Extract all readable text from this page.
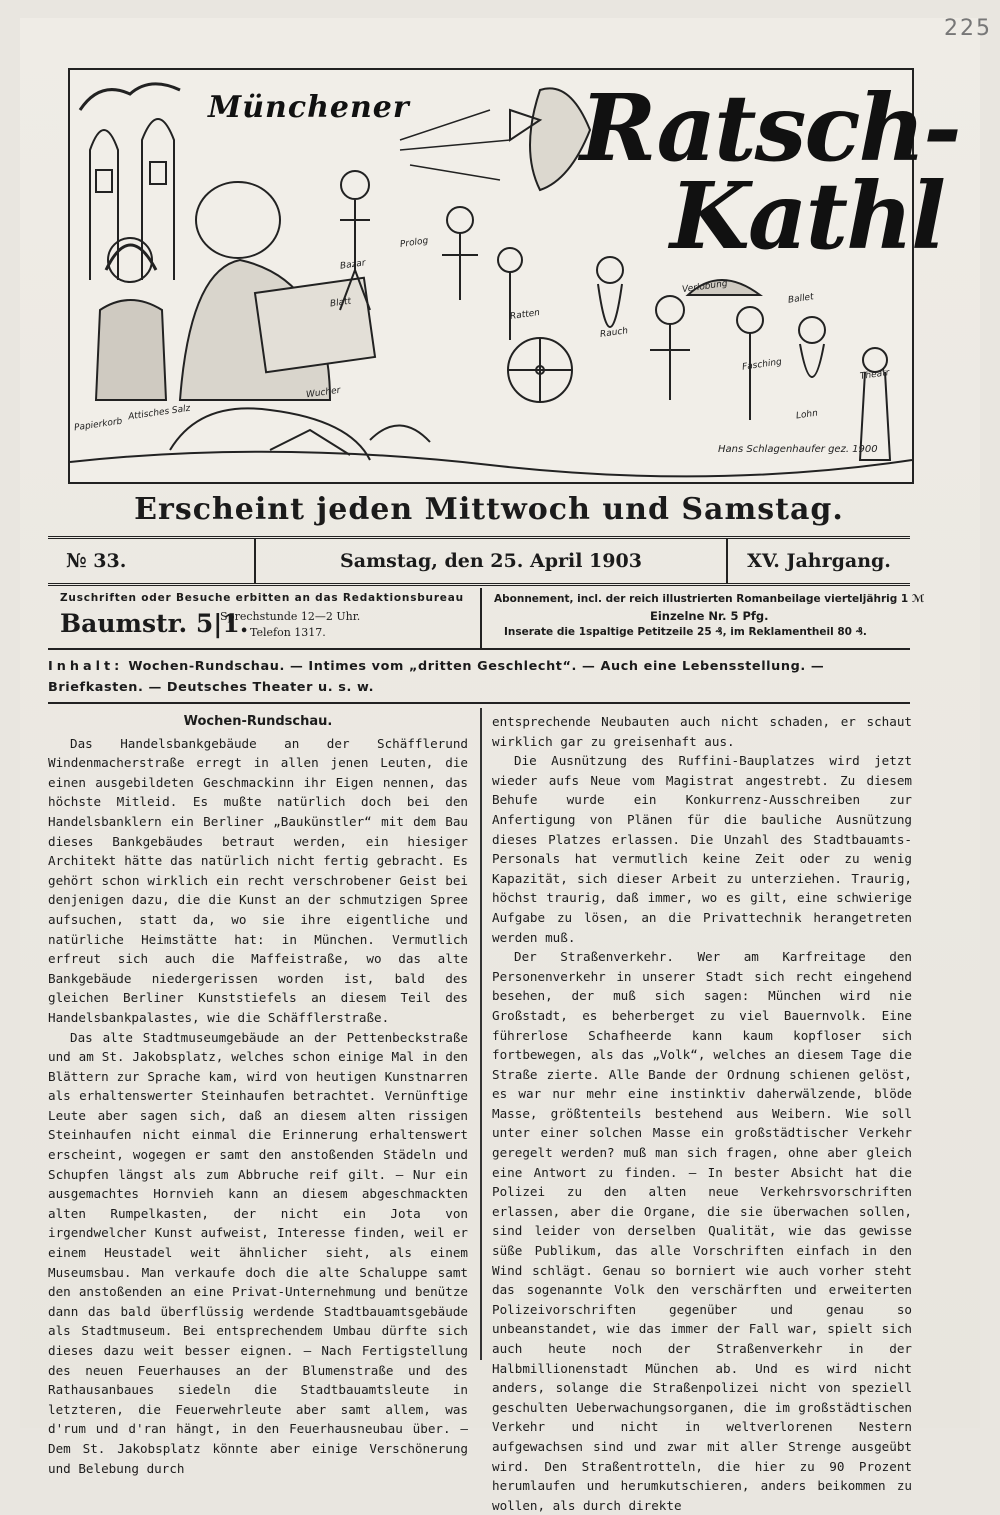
225
Münchener Ratsch-
Kathl
Attisches Salz
Papierkorb
Bazar
Prolog
Blatt
Wucher
Ratten
Rauch
Verlobung
Ballet
Fasching
Lohn
Theatr
Hans Schlagenhaufer gez. 1900
Erscheint jeden Mittwoch und Samstag.
№ 33.	Samstag, den 25. April 1903	XV. Jahrgang.
Zuschriften oder Besuche erbitten an das Redaktionsbureau
Baumstr. 5|1.
Sprechstunde 12—2 Uhr.
Telefon 1317.
Abonnement, incl. der reich illustrierten Romanbeilage vierteljährig 1 ℳ
Einzelne Nr. 5 Pfg.
Inserate die 1spaltige Petitzeile 25 ₰, im Reklamentheil 80 ₰.
Inhalt: Wochen-Rundschau. — Intimes vom „dritten Geschlecht“. — Auch eine Lebensstellung. — Briefkasten. — Deutsches Theater u. s. w.
Wochen-Rundschau.

Das Handelsbankgebäude an der Schäfflerund Windenmacherstraße erregt in allen jenen Leuten, die einen ausgebildeten Geschmackinn ihr Eigen nennen, das höchste Mitleid. Es mußte natürlich doch bei den Handelsbanklern ein Berliner „Baukünstler“ mit dem Bau dieses Bankgebäudes betraut werden, ein hiesiger Architekt hätte das natürlich nicht fertig gebracht. Es gehört schon wirklich ein recht verschrobener Geist bei denjenigen dazu, die die Kunst an der schmutzigen Spree aufsuchen, statt da, wo sie ihre eigentliche und natürliche Heimstätte hat: in München. Vermutlich erfreut sich auch die Maffeistraße, wo das alte Bankgebäude niedergerissen worden ist, bald des gleichen Berliner Kunststiefels an diesem Teil des Handelsbankpalastes, wie die Schäfflerstraße.

Das alte Stadtmuseumgebäude an der Pettenbeckstraße und am St. Jakobsplatz, welches schon einige Mal in den Blättern zur Sprache kam, wird von heutigen Kunstnarren als erhaltenswerter Steinhaufen betrachtet. Vernünftige Leute aber sagen sich, daß an diesem alten rissigen Steinhaufen nicht einmal die Erinnerung erhaltenswert erscheint, wogegen er samt den anstoßenden Städeln und Schupfen längst als zum Abbruche reif gilt. — Nur ein ausgemachtes Hornvieh kann an diesem abgeschmackten alten Rumpelkasten, der nicht ein Jota von irgendwelcher Kunst aufweist, Interesse finden, weil er einem Heustadel weit ähnlicher sieht, als einem Museumsbau. Man verkaufe doch die alte Schaluppe samt den anstoßenden an eine Privat-Unternehmung und benütze dann das bald überflüssig werdende Stadtbauamtsgebäude als Stadtmuseum. Bei entsprechendem Umbau dürfte sich dieses dazu weit besser eignen. — Nach Fertigstellung des neuen Feuerhauses an der Blumenstraße und des Rathausanbaues siedeln die Stadtbauamtsleute in letzteren, die Feuerwehrleute aber samt allem, was d'rum und d'ran hängt, in den Feuerhausneubau über. — Dem St. Jakobsplatz könnte aber einige Verschönerung und Belebung durch

entsprechende Neubauten auch nicht schaden, er schaut wirklich gar zu greisenhaft aus.

Die Ausnützung des Ruffini-Bauplatzes wird jetzt wieder aufs Neue vom Magistrat angestrebt. Zu diesem Behufe wurde ein Konkurrenz-Ausschreiben zur Anfertigung von Plänen für die bauliche Ausnützung dieses Platzes erlassen. Die Unzahl des Stadtbauamts-Personals hat vermutlich keine Zeit oder zu wenig Kapazität, sich dieser Arbeit zu unterziehen. Traurig, höchst traurig, daß immer, wo es gilt, eine schwierige Aufgabe zu lösen, an die Privattechnik herangetreten werden muß.

Der Straßenverkehr. Wer am Karfreitage den Personenverkehr in unserer Stadt sich recht eingehend besehen, der muß sich sagen: München wird nie Großstadt, es beherberget zu viel Bauernvolk. Eine führerlose Schafheerde kann kaum kopfloser sich fortbewegen, als das „Volk“, welches an diesem Tage die Straße zierte. Alle Bande der Ordnung schienen gelöst, es war nur mehr eine instinktiv daherwälzende, blöde Masse, größtenteils bestehend aus Weibern. Wie soll unter einer solchen Masse ein großstädtischer Verkehr geregelt werden? muß man sich fragen, ohne aber gleich eine Antwort zu finden. — In bester Absicht hat die Polizei zu den alten neue Verkehrsvorschriften erlassen, aber die Organe, die sie überwachen sollen, sind leider von derselben Qualität, wie das gewisse süße Publikum, das alle Vorschriften einfach in den Wind schlägt. Genau so borniert wie auch vorher steht das sogenannte Volk den verschärften und erweiterten Polizeivorschriften gegenüber und genau so unbeanstandet, wie das immer der Fall war, spielt sich auch heute noch der Straßenverkehr in der Halbmillionenstadt München ab. Und es wird nicht anders, solange die Straßenpolizei nicht von speziell geschulten Ueberwachungsorganen, die im großstädtischen Verkehr und nicht in weltverlorenen Nestern aufgewachsen sind und zwar mit aller Strenge ausgeübt wird. Den Straßentrotteln, die hier zu 90 Prozent herumlaufen und herumkutschieren, anders beikommen zu wollen, als durch direkte
